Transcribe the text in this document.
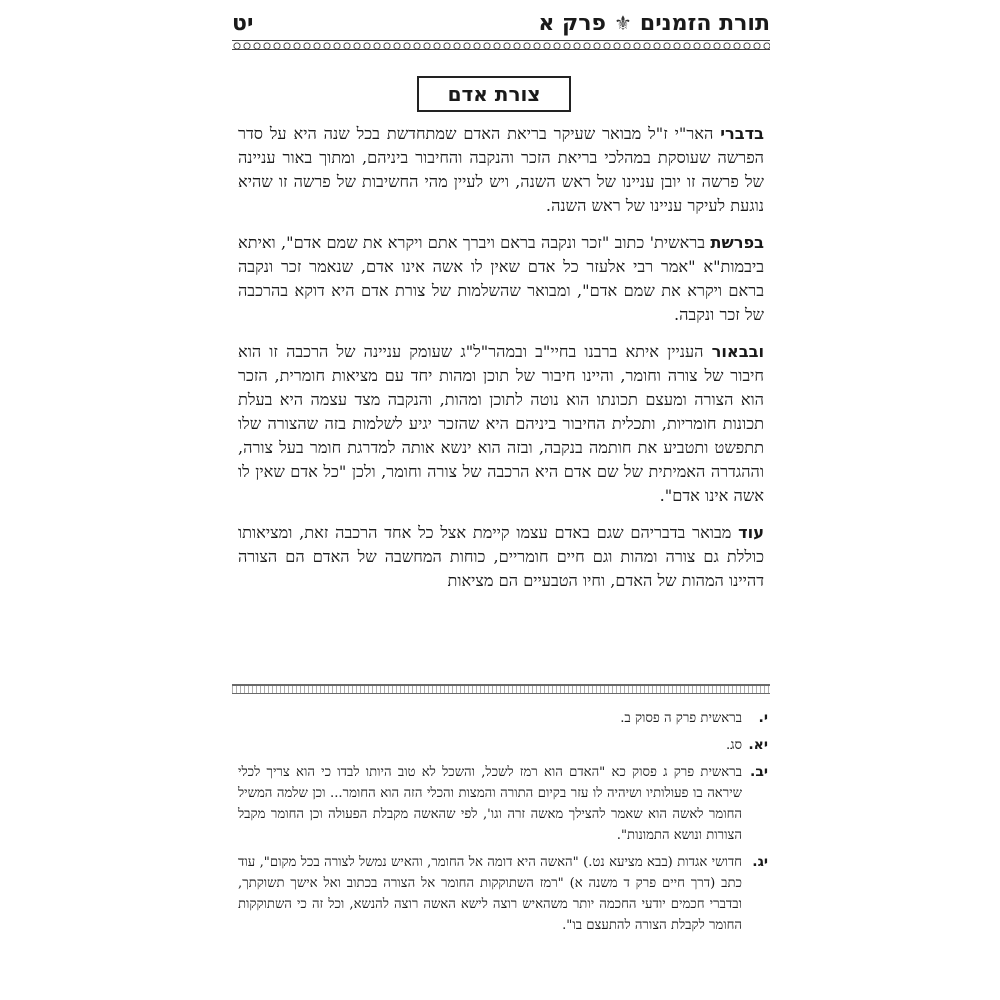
תורת הזמנים
⚜
פרק א
יט
צורת אדם

בדברי האר"י ז"ל מבואר שעיקר בריאת האדם שמתחדשת בכל שנה היא על סדר הפרשה שעוסקת במהלכי בריאת הזכר והנקבה והחיבור ביניהם, ומתוך באור עניינה של פרשה זו יובן עניינו של ראש השנה, ויש לעיין מהי החשיבות של פרשה זו שהיא נוגעת לעיקר עניינו של ראש השנה.

בפרשת בראשית' כתוב "זכר ונקבה בראם ויברך אתם ויקרא את שמם אדם", ואיתא ביבמות"א "אמר רבי אלעזר כל אדם שאין לו אשה אינו אדם, שנאמר זכר ונקבה בראם ויקרא את שמם אדם", ומבואר שהשלמות של צורת אדם היא דוקא בהרכבה של זכר ונקבה.

ובבאור העניין איתא ברבנו בחיי"ב ובמהר"ל"ג שעומק עניינה של הרכבה זו הוא חיבור של צורה וחומר, והיינו חיבור של תוכן ומהות יחד עם מציאות חומרית, הזכר הוא הצורה ומעצם תכונתו הוא נוטה לתוכן ומהות, והנקבה מצד עצמה היא בעלת תכונות חומריות, ותכלית החיבור ביניהם היא שהזכר יגיע לשלמות בזה שהצורה שלו תתפשט ותטביע את חותמה בנקבה, ובזה הוא ינשא אותה למדרגת חומר בעל צורה, וההגדרה האמיתית של שם אדם היא הרכבה של צורה וחומר, ולכן "כל אדם שאין לו אשה אינו אדם".

עוד מבואר בדבריהם שגם באדם עצמו קיימת אצל כל אחד הרכבה זאת, ומציאותו כוללת גם צורה ומהות וגם חיים חומריים, כוחות המחשבה של האדם הם הצורה דהיינו המהות של האדם, וחיו הטבעיים הם מציאות

י.
בראשית פרק ה פסוק ב.
יא.
סג.
יב.
בראשית פרק ג פסוק כא "האדם הוא רמז לשכל, והשכל לא טוב היותו לבדו כי הוא צריך לכלי שיראה בו פעולותיו ושיהיה לו עזר בקיום התורה והמצות והכלי הזה הוא החומר... וכן שלמה המשיל החומר לאשה הוא שאמר להצילך מאשה זרה וגו', לפי שהאשה מקבלת הפעולה וכן החומר מקבל הצורות ונושא התמונות".
יג.
חדושי אגדות (בבא מציעא נט.) "האשה היא דומה אל החומר, והאיש נמשל לצורה בכל מקום", עוד כתב (דרך חיים פרק ד משנה א) "רמז השתוקקות החומר אל הצורה בכתוב ואל אישך תשוקתך, ובדברי חכמים יודעי החכמה יותר משהאיש רוצה לישא האשה רוצה להנשא, וכל זה כי השתוקקות החומר לקבלת הצורה להתעצם בו".
